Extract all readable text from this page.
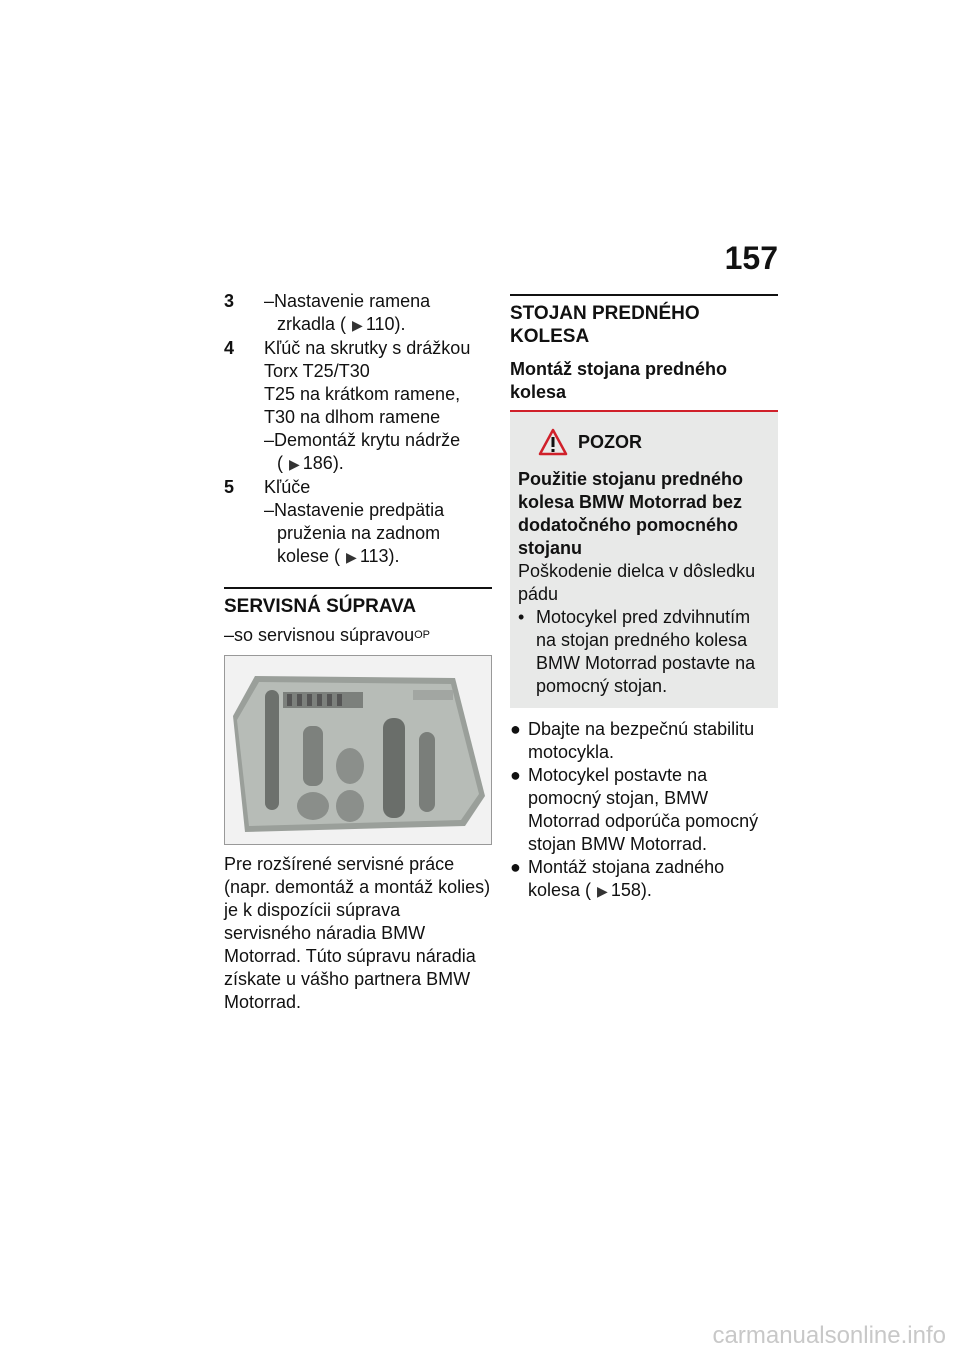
157
3	–Nastavenie ramena zrkadla ( ▶ 110).
4	Kľúč na skrutky s drážkou Torx T25/T30
T25 na krátkom ramene, T30 na dlhom ramene
–Demontáž krytu nádrže ( ▶ 186).
5	Kľúče
–Nastavenie predpätia pruženia na zadnom kolese ( ▶ 113).
SERVISNÁ SÚPRAVA
–so servisnou súpravou$^{OP}$
Pre rozšírené servisné práce (napr. demontáž a montáž kolies) je k dispozícii súprava servisného náradia BMW Motorrad. Túto súpravu náradia získate u vášho partnera BMW Motorrad.
STOJAN PREDNÉHO KOLESA
Montáž stojana predného kolesa
POZOR
Použitie stojanu predného kolesa BMW Motorrad bez dodatočného pomocného stojanu
Poškodenie dielca v dôsledku pádu
• Motocykel pred zdvihnutím na stojan predného kolesa BMW Motorrad postavte na pomocný stojan.
● Dbajte na bezpečnú stabilitu motocykla.
● Motocykel postavte na pomocný stojan, BMW Motorrad odporúča pomocný stojan BMW Motorrad.
● Montáž stojana zadného kolesa ( ▶ 158).
carmanualsonline.info
